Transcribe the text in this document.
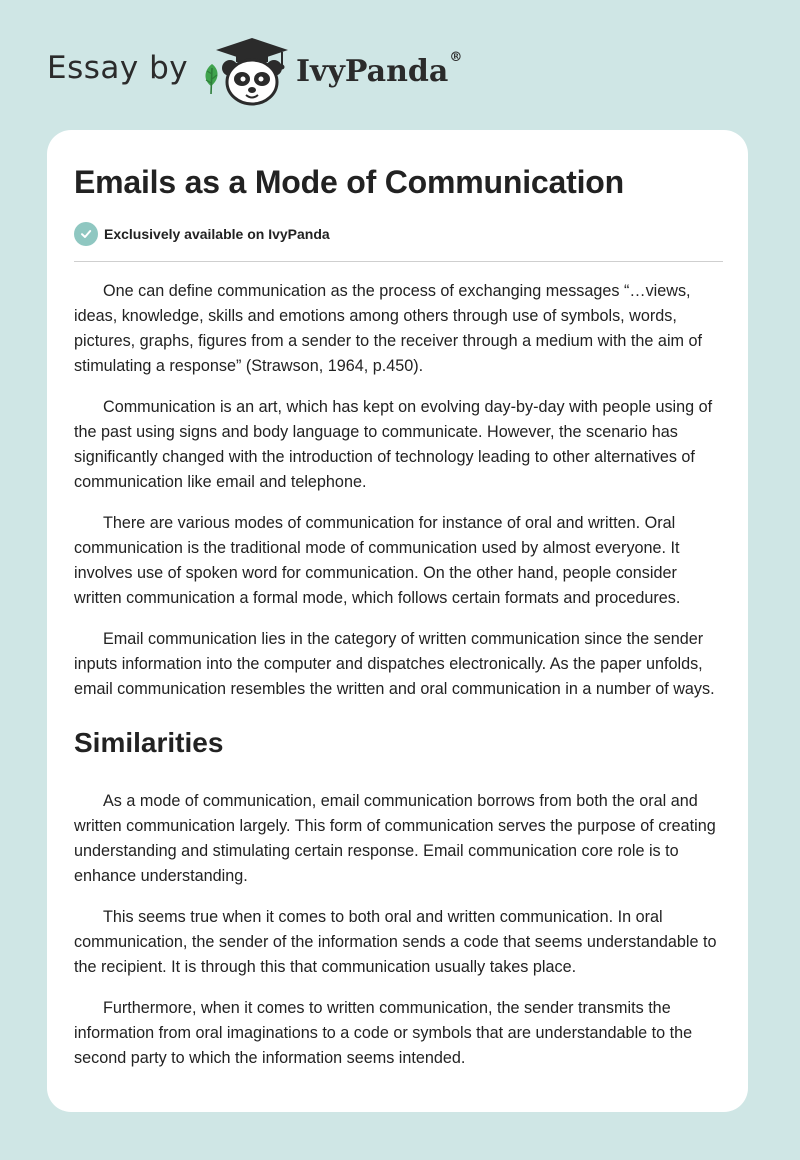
Essay by	IvyPanda®
Emails as a Mode of Communication
Exclusively available on IvyPanda

One can define communication as the process of exchanging messages “…views, ideas, knowledge, skills and emotions among others through use of symbols, words, pictures, graphs, figures from a sender to the receiver through a medium with the aim of stimulating a response” (Strawson, 1964, p.450).

Communication is an art, which has kept on evolving day-by-day with people using of the past using signs and body language to communicate. However, the scenario has significantly changed with the introduction of technology leading to other alternatives of communication like email and telephone.

There are various modes of communication for instance of oral and written. Oral communication is the traditional mode of communication used by almost everyone. It involves use of spoken word for communication. On the other hand, people consider written communication a formal mode, which follows certain formats and procedures.

Email communication lies in the category of written communication since the sender inputs information into the computer and dispatches electronically. As the paper unfolds, email communication resembles the written and oral communication in a number of ways.

Similarities

As a mode of communication, email communication borrows from both the oral and written communication largely. This form of communication serves the purpose of creating understanding and stimulating certain response. Email communication core role is to enhance understanding.

This seems true when it comes to both oral and written communication. In oral communication, the sender of the information sends a code that seems understandable to the recipient. It is through this that communication usually takes place.

Furthermore, when it comes to written communication, the sender transmits the information from oral imaginations to a code or symbols that are understandable to the second party to which the information seems intended.
